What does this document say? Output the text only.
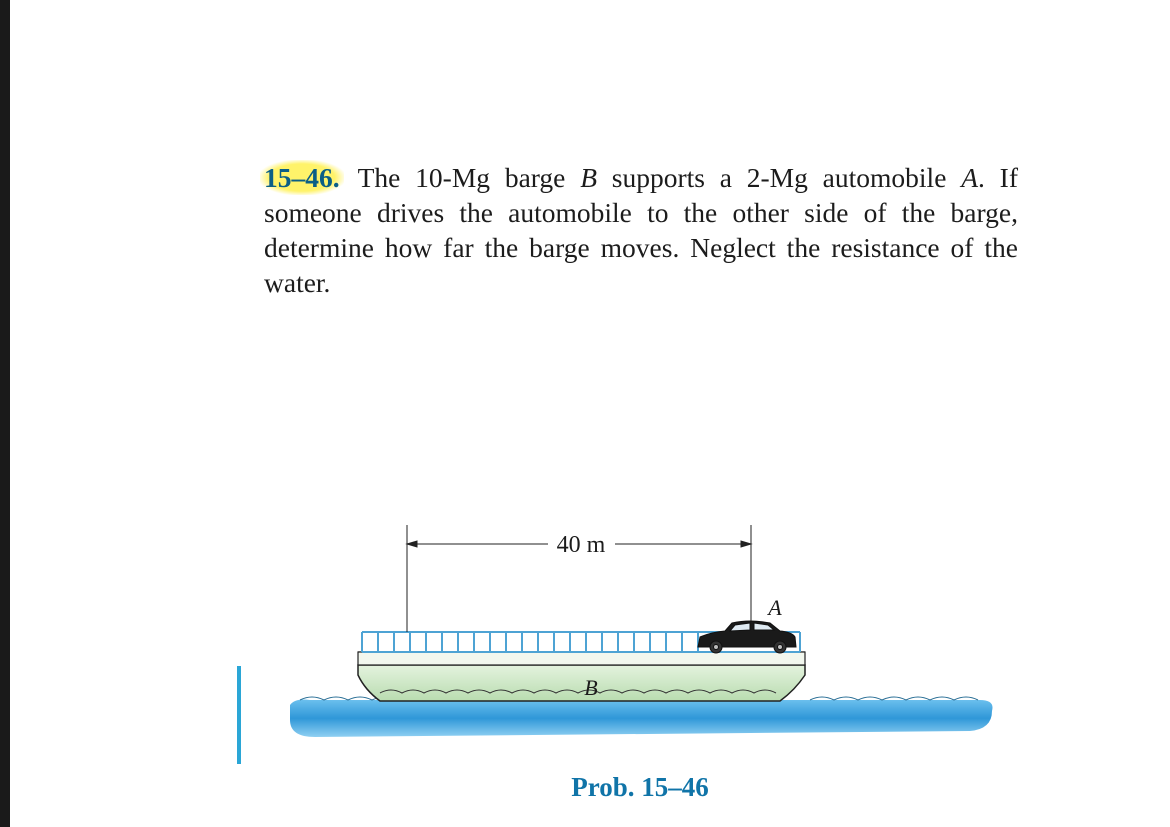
15–46. The 10-Mg barge B supports a 2-Mg automobile A. If someone drives the automobile to the other side of the barge, determine how far the barge moves. Neglect the resistance of the water.

40 m
A
B
Prob. 15–46
